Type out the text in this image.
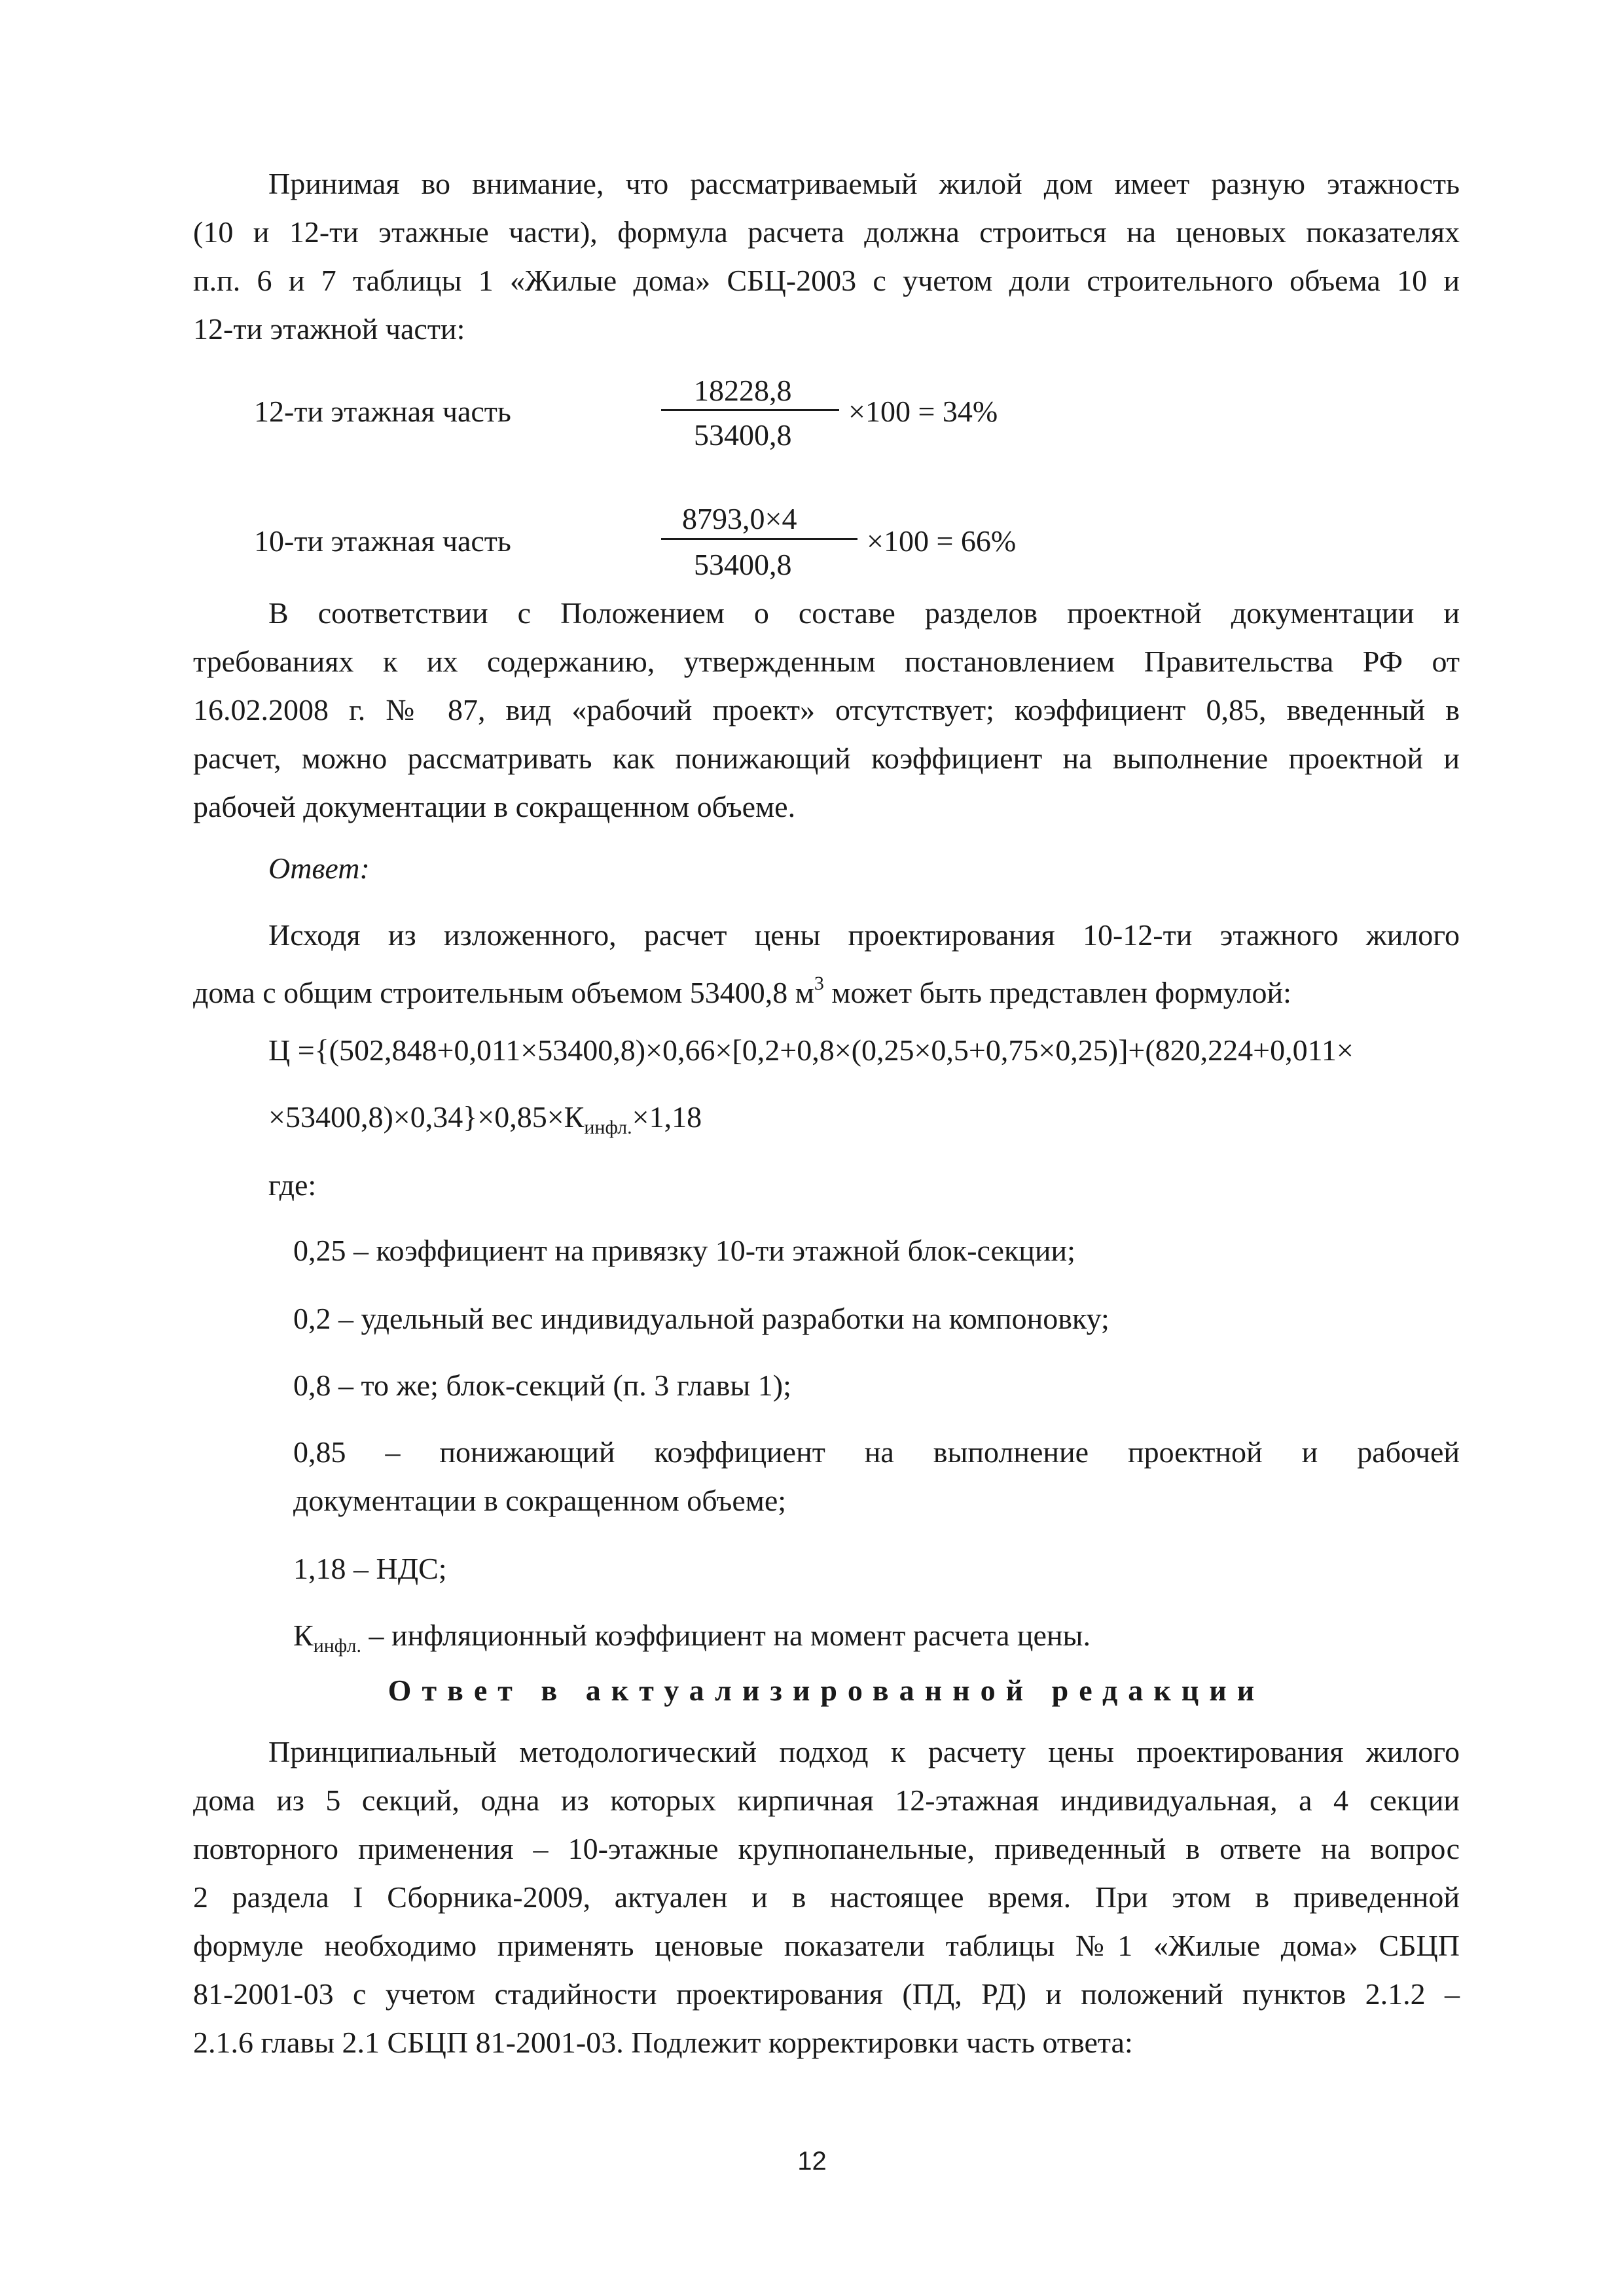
Принимая во внимание, что рассматриваемый жилой дом имеет разную этажность
(10 и 12-ти этажные части), формула расчета должна строиться на ценовых показателях
п.п. 6 и 7 таблицы 1 «Жилые дома» СБЦ-2003 с учетом доли строительного объема 10 и
12-ти этажной части:
12-ти этажная часть
18228,8
53400,8
×100 = 34%
10-ти этажная часть
8793,0×4
53400,8
×100 = 66%
В соответствии с Положением о составе разделов проектной документации и
требованиях к их содержанию, утвержденным постановлением Правительства РФ от
16.02.2008 г. № 87, вид «рабочий проект» отсутствует; коэффициент 0,85, введенный в
расчет, можно рассматривать как понижающий коэффициент на выполнение проектной и
рабочей документации в сокращенном объеме.
Ответ:
Исходя из изложенного, расчет цены проектирования 10-12-ти этажного жилого
дома с общим строительным объемом 53400,8 $м^3$ может быть представлен формулой:
Ц ={(502,848+0,011×53400,8)×0,66×[0,2+0,8×(0,25×0,5+0,75×0,25)]+(820,224+0,011×
$\times 53400,8)\times 0,34\}\times 0,85\times К_{инфл.}\times 1,18$
где:
0,25 – коэффициент на привязку 10-ти этажной блок-секции;
0,2 – удельный вес индивидуальной разработки на компоновку;
0,8 – то же; блок-секций (п. 3 главы 1);
0,85 – понижающий коэффициент на выполнение проектной и рабочей
документации в сокращенном объеме;
1,18 – НДС;
$К_{инфл.}$ – инфляционный коэффициент на момент расчета цены.
Ответ в актуализированной редакции
Принципиальный методологический подход к расчету цены проектирования жилого
дома из 5 секций, одна из которых кирпичная 12-этажная индивидуальная, а 4 секции
повторного применения – 10-этажные крупнопанельные, приведенный в ответе на вопрос
2 раздела I Сборника-2009, актуален и в настоящее время. При этом в приведенной
формуле необходимо применять ценовые показатели таблицы №1 «Жилые дома» СБЦП
81-2001-03 с учетом стадийности проектирования (ПД, РД) и положений пунктов 2.1.2 –
2.1.6 главы 2.1 СБЦП 81-2001-03. Подлежит корректировки часть ответа:
12
